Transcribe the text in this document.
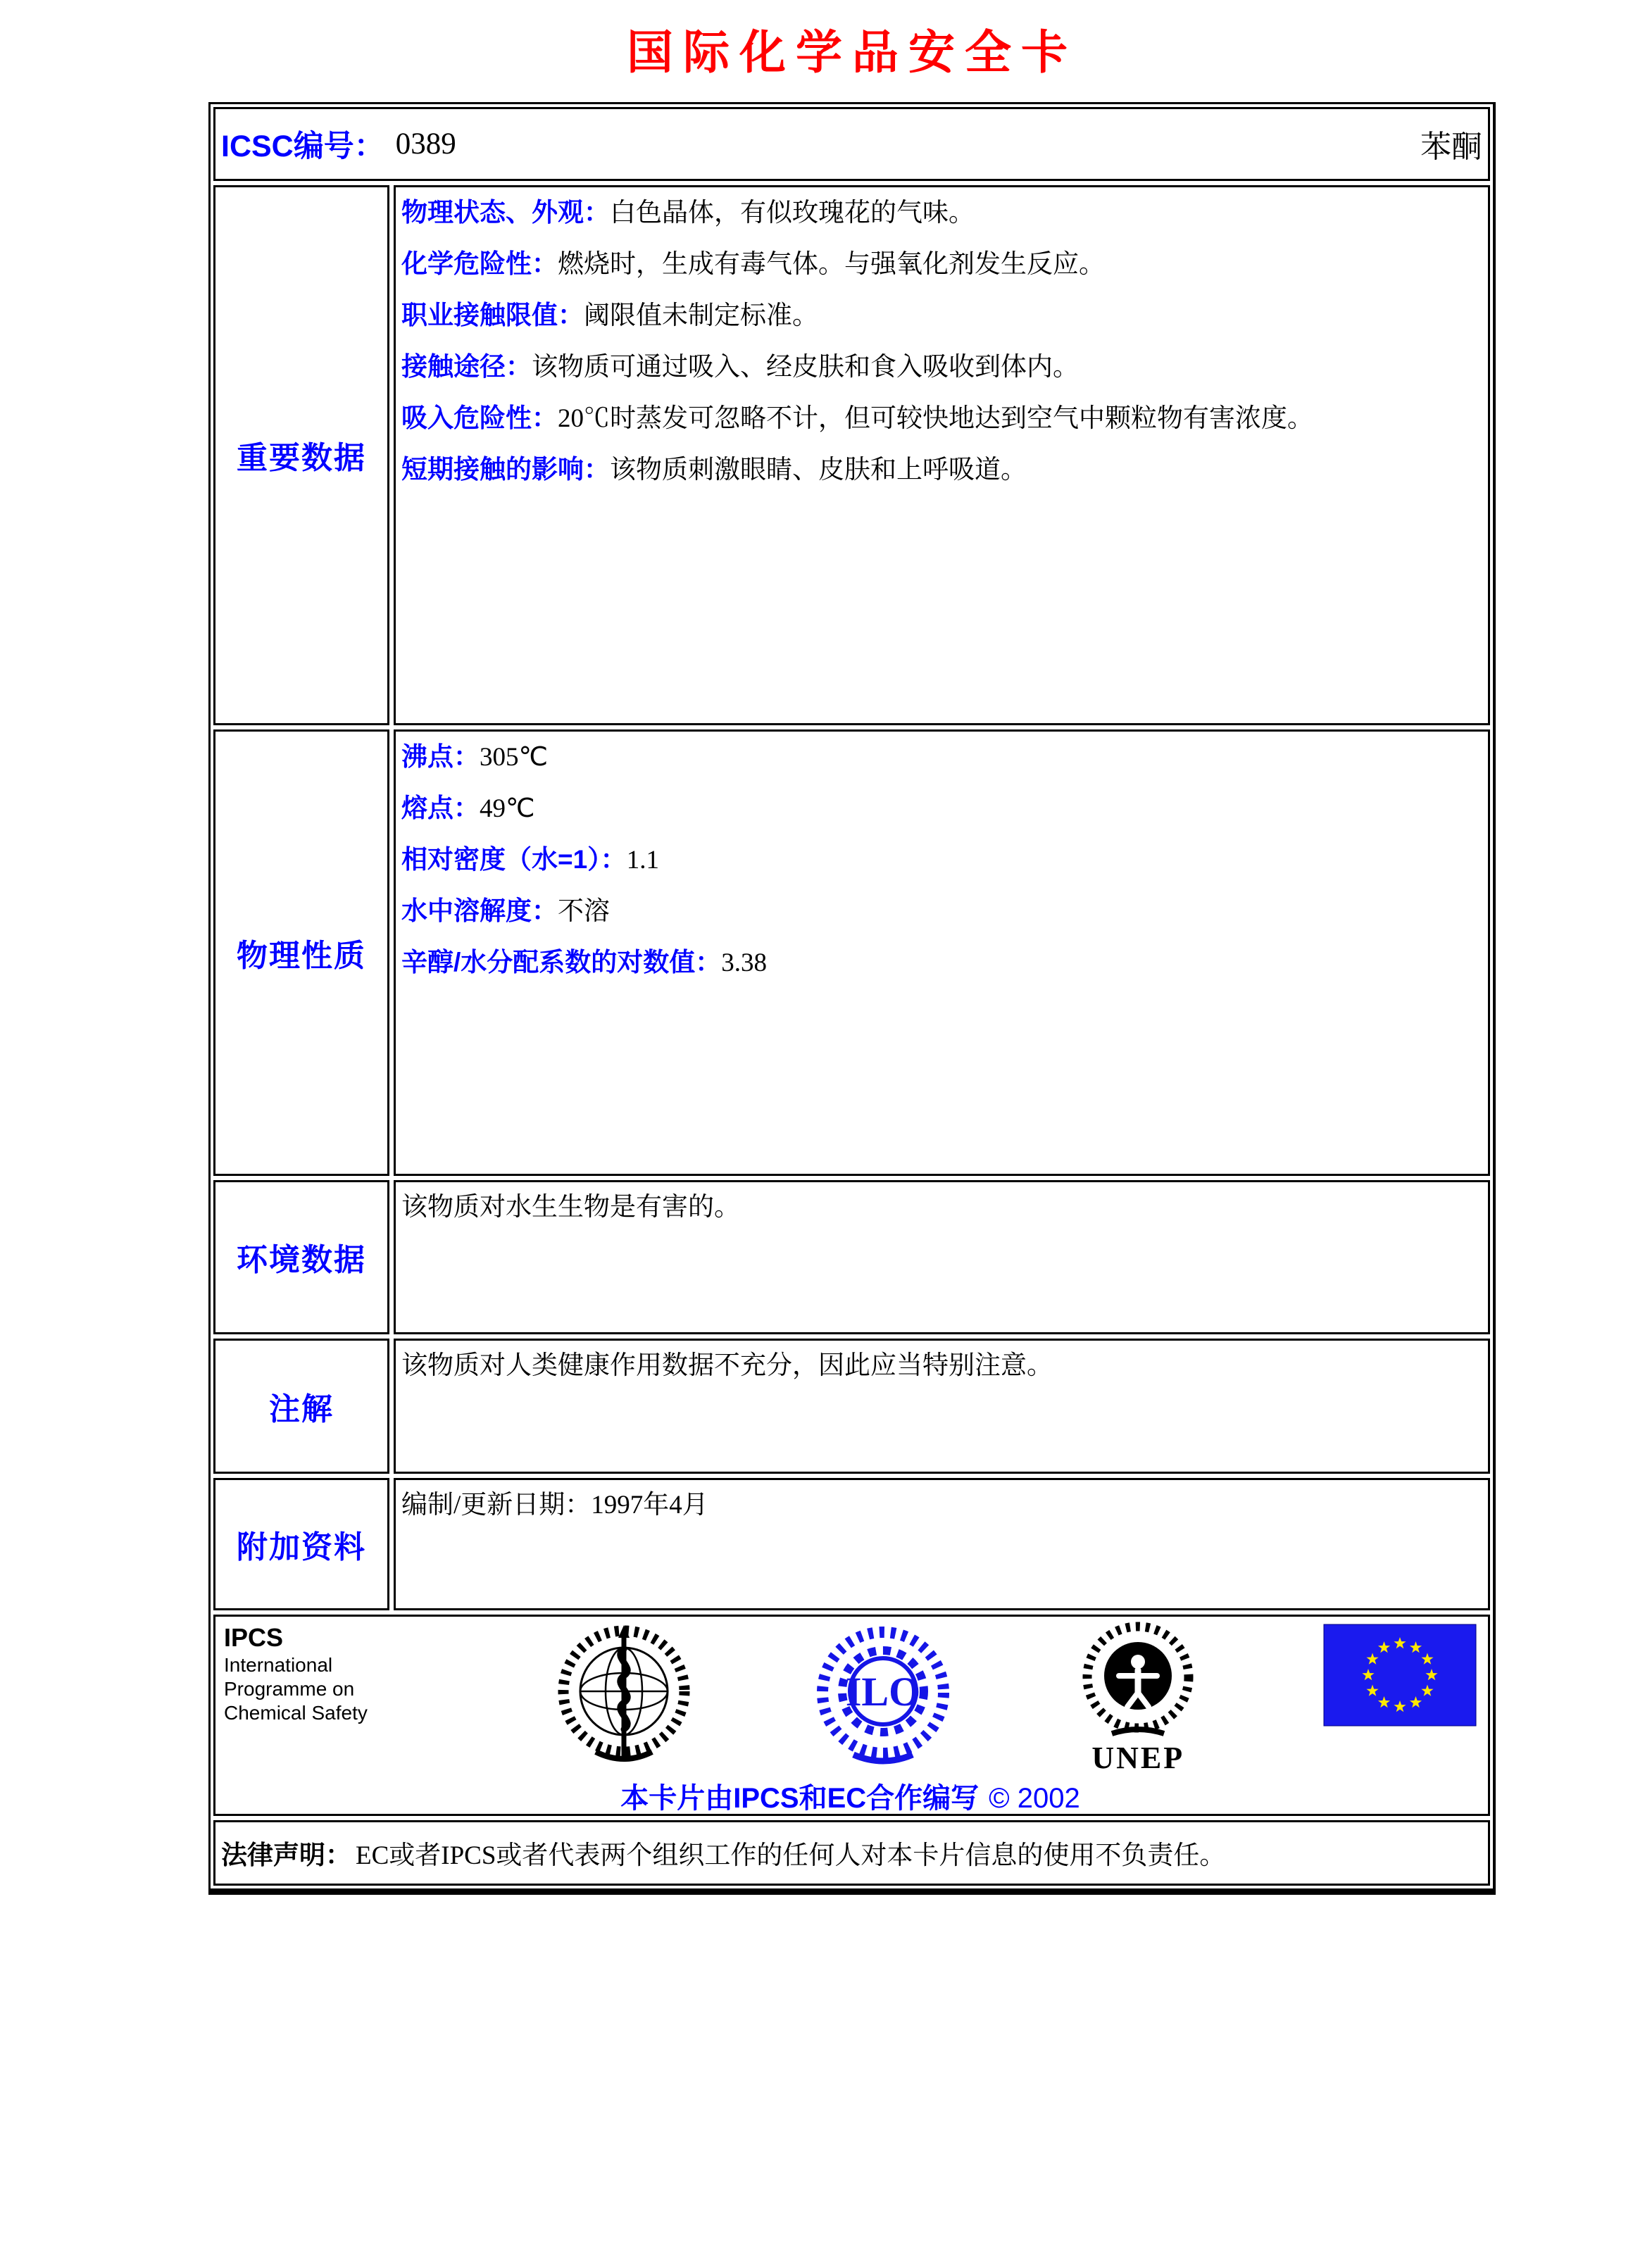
国际化学品安全卡
ICSC编号： 0389	苯酮
重要数据
物理状态、外观：白色晶体，有似玫瑰花的气味。
化学危险性：燃烧时，生成有毒气体。与强氧化剂发生反应。
职业接触限值：阈限值未制定标准。
接触途径：该物质可通过吸入、经皮肤和食入吸收到体内。
吸入危险性：20℃时蒸发可忽略不计，但可较快地达到空气中颗粒物有害浓度。
短期接触的影响：该物质刺激眼睛、皮肤和上呼吸道。
物理性质
沸点：305℃
熔点：49℃
相对密度（水=1）：1.1
水中溶解度：不溶
辛醇/水分配系数的对数值：3.38
环境数据
该物质对水生生物是有害的。
注解
该物质对人类健康作用数据不充分，因此应当特别注意。
附加资料
编制/更新日期：1997年4月
IPCS
International
Programme on
Chemical Safety	ILO
UNEP
本卡片由IPCS和EC合作编写 © 2002
法律声明： EC或者IPCS或者代表两个组织工作的任何人对本卡片信息的使用不负责任。
